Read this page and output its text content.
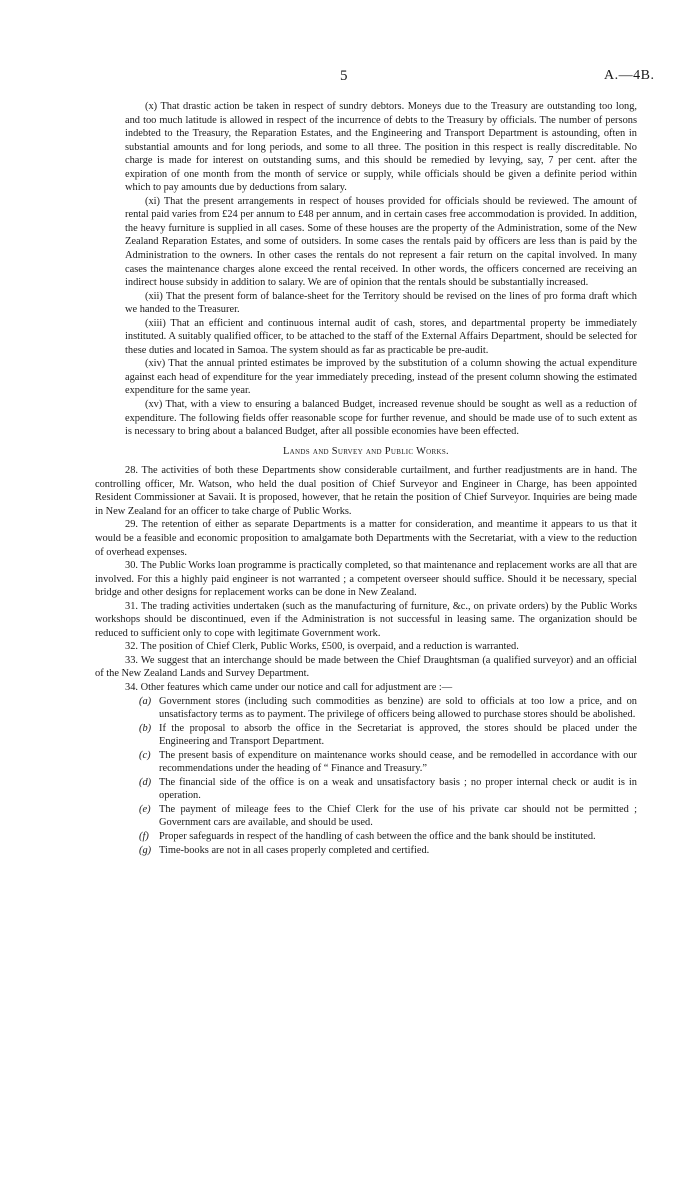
5	A.—4B.

(x) That drastic action be taken in respect of sundry debtors. Moneys due to the Treasury are outstanding too long, and too much latitude is allowed in respect of the incurrence of debts to the Treasury by officials. The number of persons indebted to the Treasury, the Reparation Estates, and the Engineering and Transport Department is astounding, often in substantial amounts and for long periods, and some to all three. The position in this respect is really discreditable. No charge is made for interest on outstanding sums, and this should be remedied by levying, say, 7 per cent. after the expiration of one month from the month of service or supply, while officials should be given a definite period within which to pay amounts due by deductions from salary.

(xi) That the present arrangements in respect of houses provided for officials should be reviewed. The amount of rental paid varies from £24 per annum to £48 per annum, and in certain cases free accommodation is provided. In addition, the heavy furniture is supplied in all cases. Some of these houses are the property of the Administration, some of the New Zealand Reparation Estates, and some of outsiders. In some cases the rentals paid by officers are less than is paid by the Administration to the owners. In other cases the rentals do not represent a fair return on the capital involved. In many cases the maintenance charges alone exceed the rental received. In other words, the officers concerned are receiving an indirect house subsidy in addition to salary. We are of opinion that the rentals should be substantially increased.

(xii) That the present form of balance-sheet for the Territory should be revised on the lines of pro forma draft which we handed to the Treasurer.

(xiii) That an efficient and continuous internal audit of cash, stores, and departmental property be immediately instituted. A suitably qualified officer, to be attached to the staff of the External Affairs Department, should be selected for these duties and located in Samoa. The system should as far as practicable be pre-audit.

(xiv) That the annual printed estimates be improved by the substitution of a column showing the actual expenditure against each head of expenditure for the year immediately preceding, instead of the present column showing the estimated expenditure for the same year.

(xv) That, with a view to ensuring a balanced Budget, increased revenue should be sought as well as a reduction of expenditure. The following fields offer reasonable scope for further revenue, and should be made use of to such extent as is necessary to bring about a balanced Budget, after all possible economies have been effected.

Lands and Survey and Public Works.

28. The activities of both these Departments show considerable curtailment, and further readjustments are in hand. The controlling officer, Mr. Watson, who held the dual position of Chief Surveyor and Engineer in Charge, has been appointed Resident Commissioner at Savaii. It is proposed, however, that he retain the position of Chief Surveyor. Inquiries are being made in New Zealand for an officer to take charge of Public Works.

29. The retention of either as separate Departments is a matter for consideration, and meantime it appears to us that it would be a feasible and economic proposition to amalgamate both Departments with the Secretariat, with a view to the reduction of overhead expenses.

30. The Public Works loan programme is practically completed, so that maintenance and replacement works are all that are involved. For this a highly paid engineer is not warranted ; a competent overseer should suffice. Should it be necessary, special bridge and other designs for replacement works can be done in New Zealand.

31. The trading activities undertaken (such as the manufacturing of furniture, &c., on private orders) by the Public Works workshops should be discontinued, even if the Administration is not successful in leasing same. The organization should be reduced to sufficient only to cope with legitimate Government work.

32. The position of Chief Clerk, Public Works, £500, is overpaid, and a reduction is warranted.

33. We suggest that an interchange should be made between the Chief Draughtsman (a qualified surveyor) and an official of the New Zealand Lands and Survey Department.

34. Other features which came under our notice and call for adjustment are :—

(a) Government stores (including such commodities as benzine) are sold to officials at too low a price, and on unsatisfactory terms as to payment. The privilege of officers being allowed to purchase stores should be abolished.
(b) If the proposal to absorb the office in the Secretariat is approved, the stores should be placed under the Engineering and Transport Department.
(c) The present basis of expenditure on maintenance works should cease, and be remodelled in accordance with our recommendations under the heading of “ Finance and Treasury.”
(d) The financial side of the office is on a weak and unsatisfactory basis ; no proper internal check or audit is in operation.
(e) The payment of mileage fees to the Chief Clerk for the use of his private car should not be permitted ; Government cars are available, and should be used.
(f) Proper safeguards in respect of the handling of cash between the office and the bank should be instituted.
(g) Time-books are not in all cases properly completed and certified.
